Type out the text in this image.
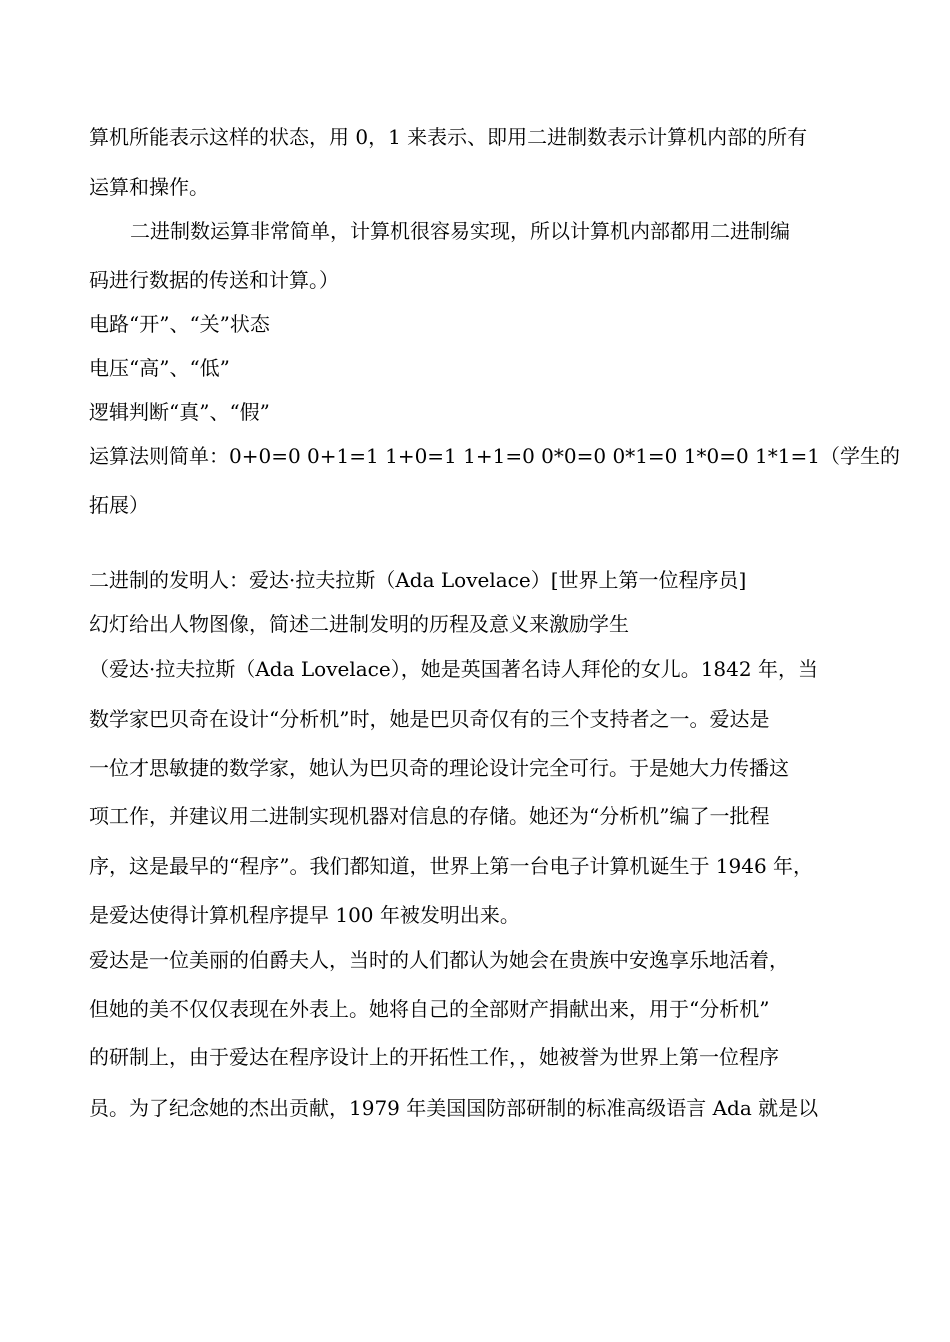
算机所能表示这样的状态，用 0，1 来表示、即用二进制数表示计算机内部的所有
运算和操作。
二进制数运算非常简单，计算机很容易实现，所以计算机内部都用二进制编
码进行数据的传送和计算。）
电路“开”、“关”状态
电压“高”、“低”
逻辑判断“真”、“假”
运算法则简单：0+0=0 0+1=1 1+0=1 1+1=0 0*0=0 0*1=0 1*0=0 1*1=1（学生的
拓展）
二进制的发明人：爱达·拉夫拉斯（Ada Lovelace）[世界上第一位程序员]
幻灯给出人物图像，简述二进制发明的历程及意义来激励学生
（爱达·拉夫拉斯（Ada Lovelace），她是英国著名诗人拜伦的女儿。1842 年，当
数学家巴贝奇在设计“分析机”时，她是巴贝奇仅有的三个支持者之一。爱达是
一位才思敏捷的数学家，她认为巴贝奇的理论设计完全可行。于是她大力传播这
项工作，并建议用二进制实现机器对信息的存储。她还为“分析机”编了一批程
序，这是最早的“程序”。我们都知道，世界上第一台电子计算机诞生于 1946 年，
是爱达使得计算机程序提早 100 年被发明出来。
爱达是一位美丽的伯爵夫人，当时的人们都认为她会在贵族中安逸享乐地活着，
但她的美不仅仅表现在外表上。她将自己的全部财产捐献出来，用于“分析机”
的研制上，由于爱达在程序设计上的开拓性工作，，她被誉为世界上第一位程序
员。为了纪念她的杰出贡献，1979 年美国国防部研制的标准高级语言 Ada 就是以
